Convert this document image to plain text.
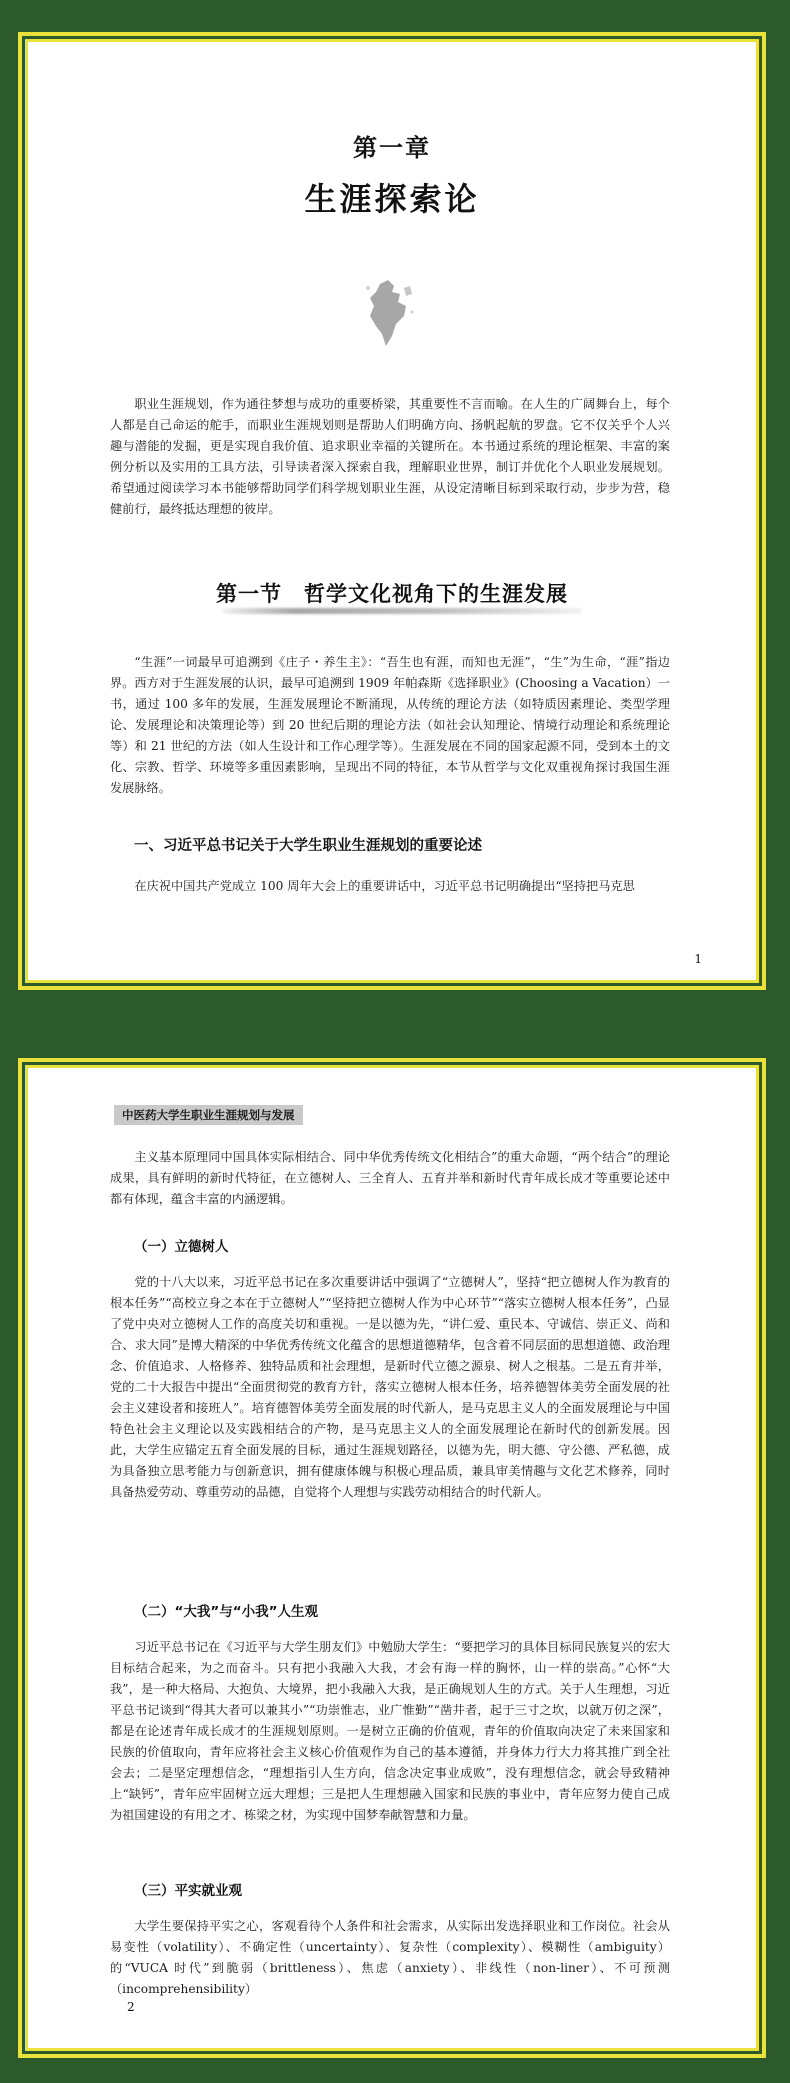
第一章
生涯探索论

职业生涯规划，作为通往梦想与成功的重要桥梁，其重要性不言而喻。在人生的广阔舞台上，每个人都是自己命运的舵手，而职业生涯规划则是帮助人们明确方向、扬帆起航的罗盘。它不仅关乎个人兴趣与潜能的发掘，更是实现自我价值、追求职业幸福的关键所在。本书通过系统的理论框架、丰富的案例分析以及实用的工具方法，引导读者深入探索自我，理解职业世界，制订并优化个人职业发展规划。希望通过阅读学习本书能够帮助同学们科学规划职业生涯，从设定清晰目标到采取行动，步步为营，稳健前行，最终抵达理想的彼岸。

第一节　哲学文化视角下的生涯发展

“生涯”一词最早可追溯到《庄子・养生主》：“吾生也有涯，而知也无涯”，“生”为生命，“涯”指边界。西方对于生涯发展的认识，最早可追溯到 1909 年帕森斯《选择职业》(Choosing a Vacation）一书，通过 100 多年的发展，生涯发展理论不断涌现，从传统的理论方法（如特质因素理论、类型学理论、发展理论和决策理论等）到 20 世纪后期的理论方法（如社会认知理论、情境行动理论和系统理论等）和 21 世纪的方法（如人生设计和工作心理学等）。生涯发展在不同的国家起源不同，受到本土的文化、宗教、哲学、环境等多重因素影响，呈现出不同的特征，本节从哲学与文化双重视角探讨我国生涯发展脉络。

一、习近平总书记关于大学生职业生涯规划的重要论述

在庆祝中国共产党成立 100 周年大会上的重要讲话中，习近平总书记明确提出“坚持把马克思

1
中医药大学生职业生涯规划与发展

主义基本原理同中国具体实际相结合、同中华优秀传统文化相结合”的重大命题，“两个结合”的理论成果，具有鲜明的新时代特征，在立德树人、三全育人、五育并举和新时代青年成长成才等重要论述中都有体现，蕴含丰富的内涵逻辑。

（一）立德树人

党的十八大以来，习近平总书记在多次重要讲话中强调了“立德树人”，坚持“把立德树人作为教育的根本任务”“高校立身之本在于立德树人”“坚持把立德树人作为中心环节”“落实立德树人根本任务”，凸显了党中央对立德树人工作的高度关切和重视。一是以德为先，“讲仁爱、重民本、守诚信、崇正义、尚和合、求大同”是博大精深的中华优秀传统文化蕴含的思想道德精华，包含着不同层面的思想道德、政治理念、价值追求、人格修养、独特品质和社会理想，是新时代立德之源泉、树人之根基。二是五育并举，党的二十大报告中提出“全面贯彻党的教育方针，落实立德树人根本任务，培养德智体美劳全面发展的社会主义建设者和接班人”。培育德智体美劳全面发展的时代新人，是马克思主义人的全面发展理论与中国特色社会主义理论以及实践相结合的产物，是马克思主义人的全面发展理论在新时代的创新发展。因此，大学生应锚定五育全面发展的目标，通过生涯规划路径，以德为先，明大德、守公德、严私德，成为具备独立思考能力与创新意识，拥有健康体魄与积极心理品质，兼具审美情趣与文化艺术修养，同时具备热爱劳动、尊重劳动的品德，自觉将个人理想与实践劳动相结合的时代新人。

（二）“大我”与“小我”人生观

习近平总书记在《习近平与大学生朋友们》中勉励大学生：“要把学习的具体目标同民族复兴的宏大目标结合起来，为之而奋斗。只有把小我融入大我，才会有海一样的胸怀，山一样的崇高。”心怀“大我”，是一种大格局、大抱负、大境界，把小我融入大我，是正确规划人生的方式。关于人生理想，习近平总书记谈到“得其大者可以兼其小”“功崇惟志，业广惟勤”“凿井者，起于三寸之坎，以就万仞之深”，都是在论述青年成长成才的生涯规划原则。一是树立正确的价值观，青年的价值取向决定了未来国家和民族的价值取向，青年应将社会主义核心价值观作为自己的基本遵循，并身体力行大力将其推广到全社会去；二是坚定理想信念，“理想指引人生方向，信念决定事业成败”，没有理想信念，就会导致精神上“缺钙”，青年应牢固树立远大理想；三是把人生理想融入国家和民族的事业中，青年应努力使自己成为祖国建设的有用之才、栋梁之材，为实现中国梦奉献智慧和力量。

（三）平实就业观

大学生要保持平实之心，客观看待个人条件和社会需求，从实际出发选择职业和工作岗位。社会从易变性（volatility）、不确定性（uncertainty）、复杂性（complexity）、模糊性（ambiguity）的“VUCA 时代”到脆弱（brittleness）、焦虑（anxiety）、非线性（non-liner）、不可预测（incomprehensibility）

2
